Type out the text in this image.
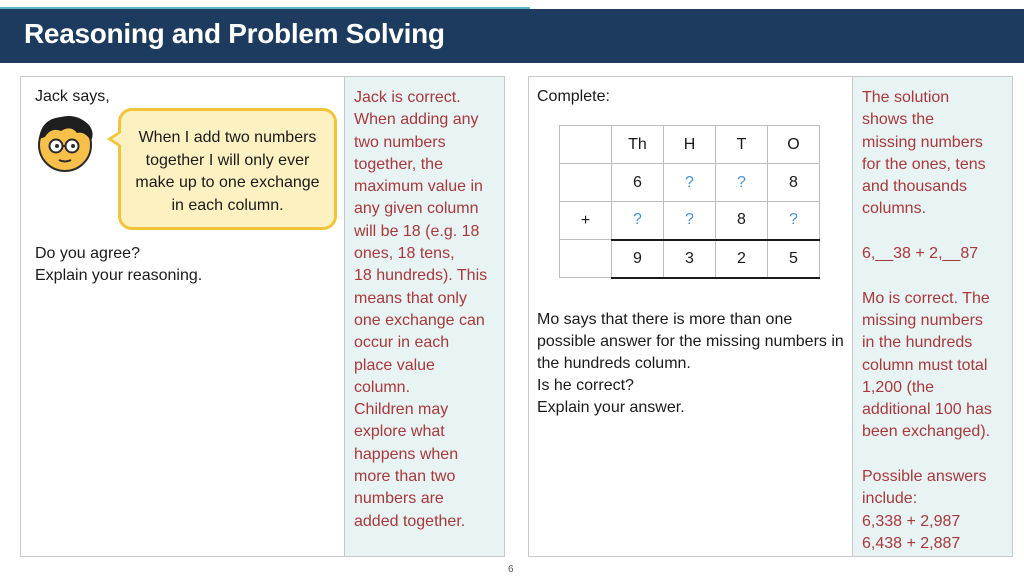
Reasoning and Problem Solving
Jack says,
When I add two numbers together I will only ever make up to one exchange in each column.
Do you agree?
Explain your reasoning.
Jack is correct.
When adding any
two numbers
together, the
maximum value in
any given column
will be 18 (e.g. 18
ones, 18 tens,
18 hundreds). This
means that only
one exchange can
occur in each
place value
column.
Children may
explore what
happens when
more than two
numbers are
added together.
Complete:
	Th	H	T	O
	6	?	?	8
+	?	?	8	?
	9	3	2	5
Mo says that there is more than one possible answer for the missing numbers in the hundreds column.
Is he correct?
Explain your answer.
The solution
shows the
missing numbers
for the ones, tens
and thousands
columns.

6,__38 + 2,__87

Mo is correct. The
missing numbers
in the hundreds
column must total
1,200 (the
additional 100 has
been exchanged).

Possible answers
include:
6,338 + 2,987
6,438 + 2,887
6
